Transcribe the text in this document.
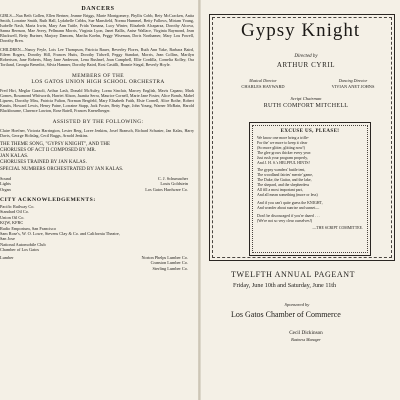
DANCERS
GIRLS—Naa Beth Gollen, Ellen Bertner, Jeanne Briggs, Marie Montgomery, Phyllis Cobb, Bety McCracken, Anita Smith, Lorraine Smith, Ruth Hall, Lydabelle Cribbs, Sue Mansfield, Norma Hummel, Betty Fallows, Miriam Young, Isabelle Nash, Maria Irwin, Mary Ann Tuttle, Frida Yamana, Lucy Winter, Elizabeth Alcaparza, Dorothy Alcova, Sanna Bernson, Mae Avery, Pellmann Morris, Virginia Lyon, Janet Ballis, Anise Wallace, Virginia Raymond, Jean Blackwell, Betty Burtner, Marjory Damons, Martha Koehn, Peggy Wiseman, Doris Northamer, Mary Lou Powell, Dorothy Bren.
CHILDREN—Nancy Feyle, Lois Lee Thompson, Patricia Bauer, Beverley Flores, Ruth Ann Yake, Barbara Baird, Eileen Rogers, Dorothy Hill, Frances Hutts, Dorothy Tidwell, Peggy Standart, Morris, Jean Collins, Marilyn Robertson, Jane Roberts, Mary Jane Anderson, Lena Bushnel, Joan Campbell, Ellie Cordilla, Cornelia Kolley, Ora Tortland, Georgia Benedict, Silvia Hamner, Dorothy Baird, Rosi Castilli, Bonnie Stegal, Beverly Hoyle.
MEMBERS OF THE
LOS GATOS UNION HIGH SCHOOL ORCHESTRA
Fred Hirt, Meglar Gazzoli, Arthur Lash, Donald McAuley, Lorna Sinclair, Marcey English, Mavis Capano, Mark Gomes, Rosamond Whitworth, Harriet Alison, Juanita Serra, Maurice Cornell, Marie Jane Foster, Alice Bonds, Mabel Lipsens, Dorothy Miss, Patricia Fulton, Norman Bergfeld, Mary Elisabeth Faith, Elsie Cornell, Alice Rothe, Robert Knutts, Howard Lewis, Henry Paine, Lorraine Stapp, Jack Foster, Betty Page, John Young, Warner McBain, Harold Blackbourne, Clarence Lawton, Rose Batell, Frances Kneselberger.
ASSISTED BY THE FOLLOWING:
Claire Hoefner, Victoria Harrington, Lester Berg, Loree Jenkins, Josef Bransch, Richard Schuster, Jan Kalas, Harry Davis, George Holtslag, Cecil Buggs, Arnold Jenkins.
THE THEME SONG, "GYPSY KNIGHT", AND THE
CHORUSES OF ACT II COMPOSED BY MR.
JAN KALAS.
CHORUSES TRAINED BY JAN KALAS.
SPECIAL NUMBERS ORCHESTRATED BY JAN KALAS.
Sound	C. J. Schumacher
Lights	Louis Goldstein
Organ	Los Gatos Hardware Co.
CITY ACKNOWLEDGEMENTS:
Pacific Railway Co.
Standard Oil Co.
Union Oil Co.
KQW, KFRC
Radio Emporium, San Francisco
Sam Rose's, W. O. Lowe, Stevens Clay & Co. and California Theatre,
San Jose
National Automobile Club
Chamber of Los Gatos
Lumber	Norton Phelps Lumber Co.
Cranston Lumber Co.
Sterling Lumber Co.
Gypsy Knight
Directed by
ARTHUR CYRIL
Musical Director
CHARLES HAYWARD
Dancing Director
VIVIAN ANET JOHNS
Script Chairman
RUTH COMFORT MITCHELL
EXCUSE US, PLEASE!
We know one more bring a trifle-
For the' we more to keep it clear
(So more glitter, glitting now!)
The glee grows thicker every year:
Just rush your program properly,
And J. H. S.'s HELPFUL HINTS!
The gypsy wanders' battle tent,
The woodland fairies' merrie' game,
The Duke, the Guitar, and the lake,
The shepard, and the shepherdess
All fill a most important part,
And all mean something (more or less)
And if you can't quite guess the KNIGHT,
And wonder about sunrise and sunset—
Don't be discouraged if you're dazed . . .
(We're not so very clear ourselves!)
—THE SCRIPT COMMITTEE.
TWELFTH ANNUAL PAGEANT
Friday, June 10th and Saturday, June 11th
Sponsored by
Los Gatos Chamber of Commerce
Cecil Dickinson
Business Manager
